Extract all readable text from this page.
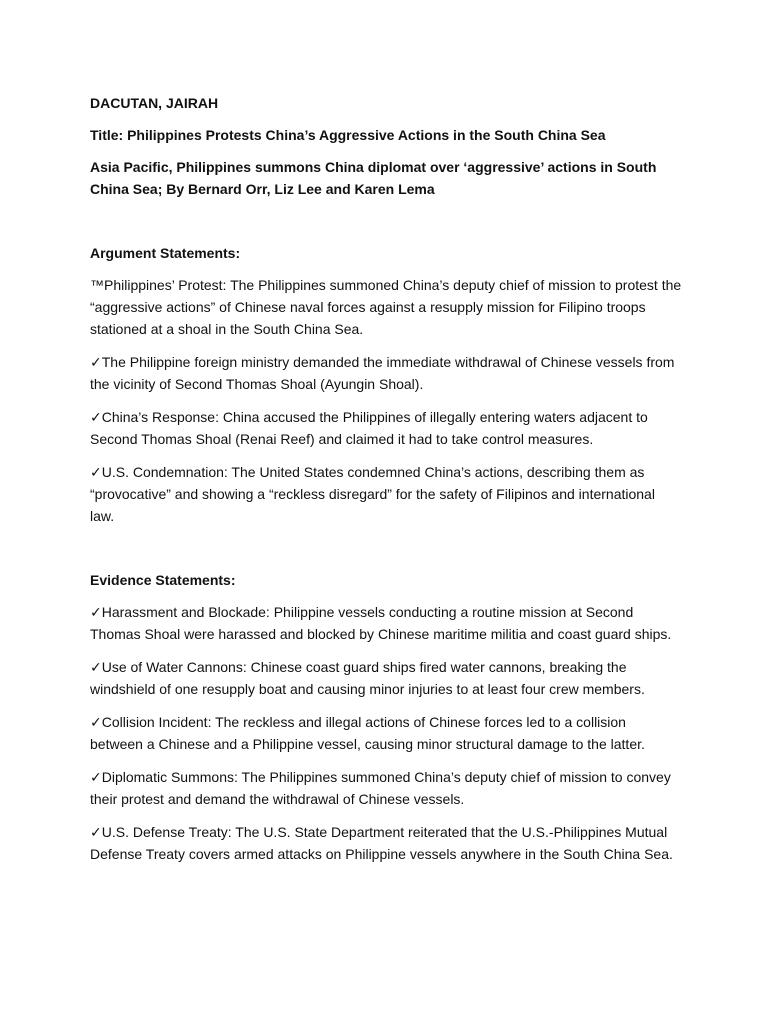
DACUTAN, JAIRAH

Title: Philippines Protests China’s Aggressive Actions in the South China Sea

Asia Pacific, Philippines summons China diplomat over ‘aggressive’ actions in South China Sea; By Bernard Orr, Liz Lee and Karen Lema

Argument Statements:

™Philippines’ Protest: The Philippines summoned China’s deputy chief of mission to protest the “aggressive actions” of Chinese naval forces against a resupply mission for Filipino troops stationed at a shoal in the South China Sea.

✓The Philippine foreign ministry demanded the immediate withdrawal of Chinese vessels from the vicinity of Second Thomas Shoal (Ayungin Shoal).

✓China’s Response: China accused the Philippines of illegally entering waters adjacent to Second Thomas Shoal (Renai Reef) and claimed it had to take control measures.

✓U.S. Condemnation: The United States condemned China’s actions, describing them as “provocative” and showing a “reckless disregard” for the safety of Filipinos and international law.

Evidence Statements:

✓Harassment and Blockade: Philippine vessels conducting a routine mission at Second Thomas Shoal were harassed and blocked by Chinese maritime militia and coast guard ships.

✓Use of Water Cannons: Chinese coast guard ships fired water cannons, breaking the windshield of one resupply boat and causing minor injuries to at least four crew members.

✓Collision Incident: The reckless and illegal actions of Chinese forces led to a collision between a Chinese and a Philippine vessel, causing minor structural damage to the latter.

✓Diplomatic Summons: The Philippines summoned China’s deputy chief of mission to convey their protest and demand the withdrawal of Chinese vessels.

✓U.S. Defense Treaty: The U.S. State Department reiterated that the U.S.-Philippines Mutual Defense Treaty covers armed attacks on Philippine vessels anywhere in the South China Sea.
